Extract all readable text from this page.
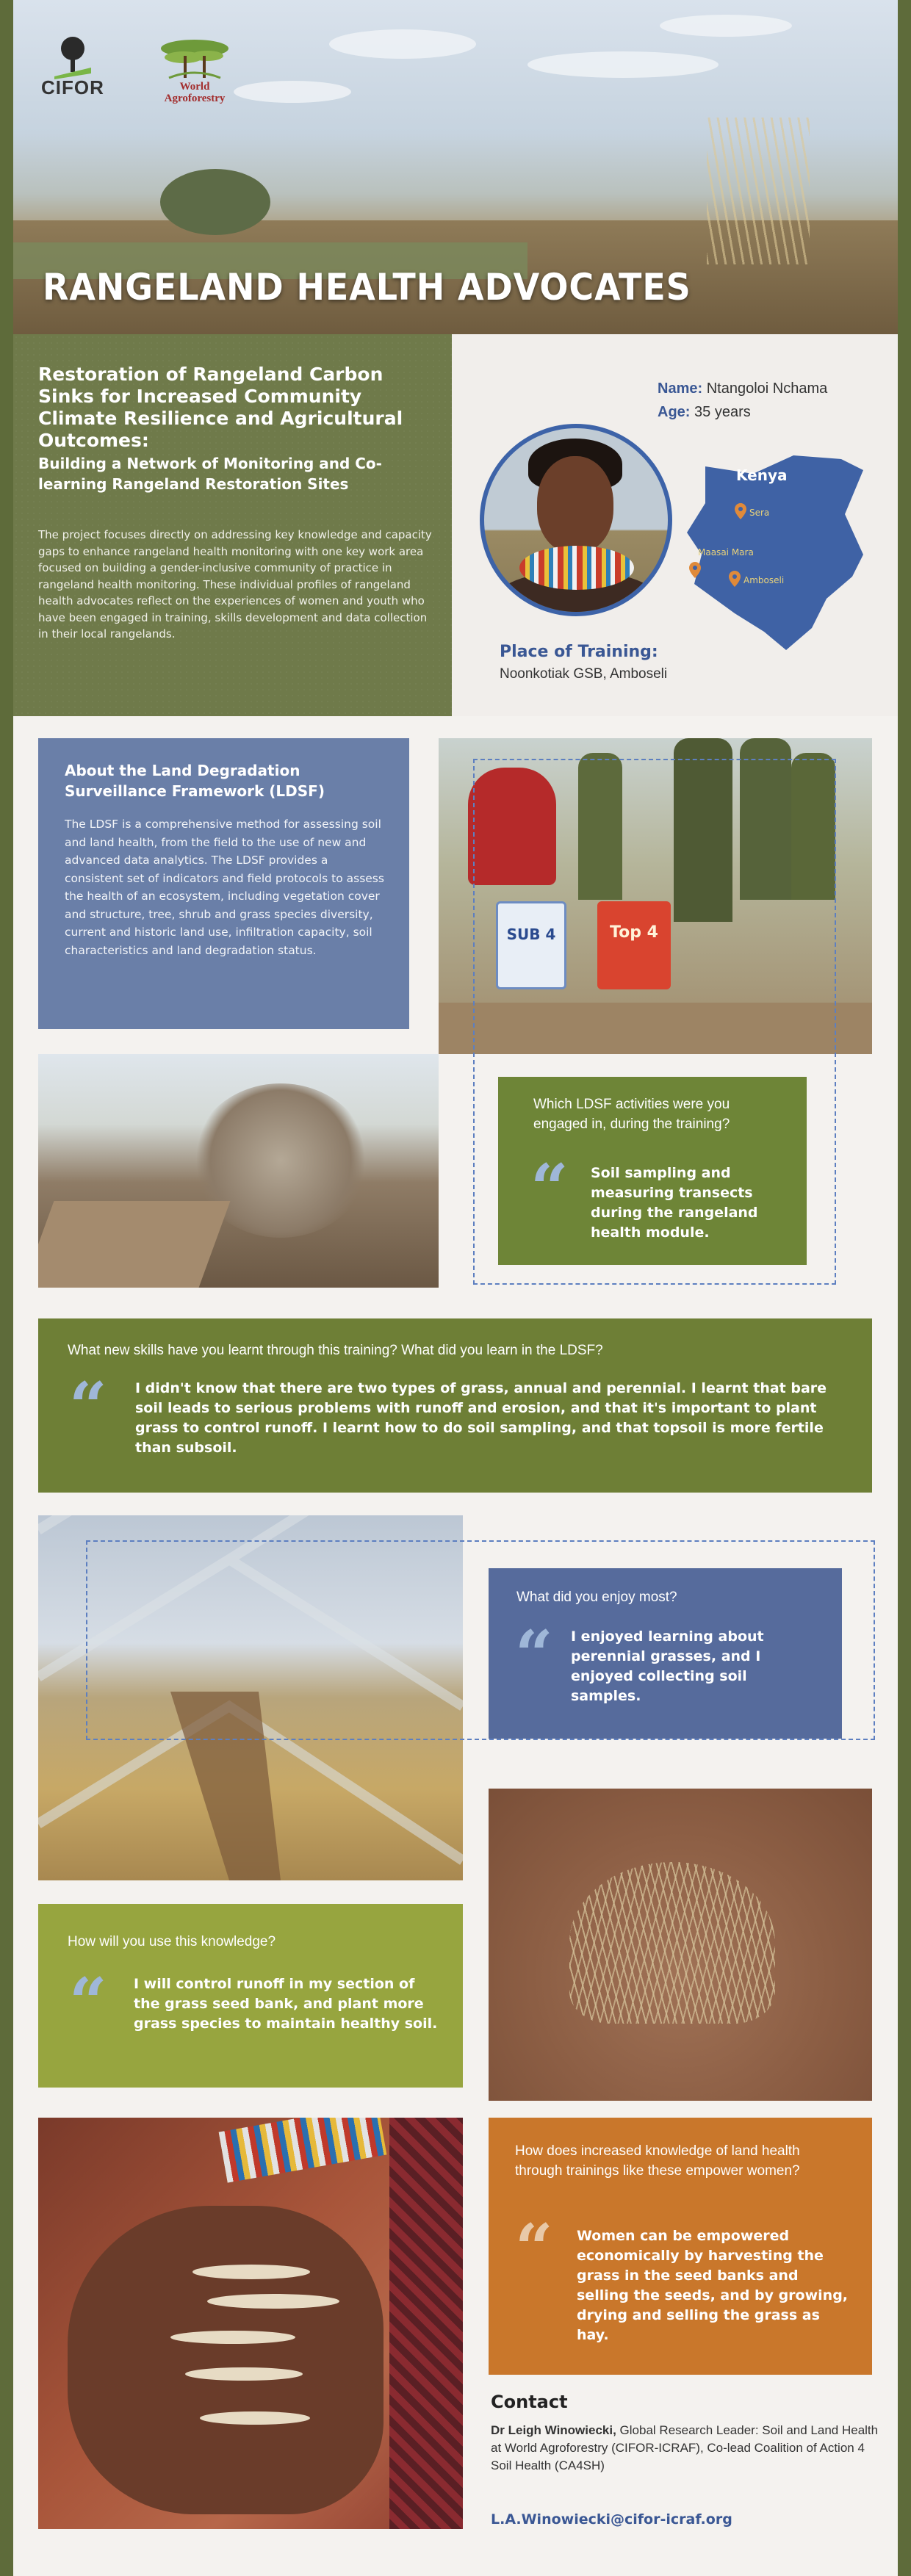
CIFOR	World
Agroforestry
RANGELAND HEALTH ADVOCATES
Restoration of Rangeland Carbon Sinks for Increased Community Climate Resilience and Agricultural Outcomes:
Building a Network of Monitoring and Co-learning Rangeland Restoration Sites
The project focuses directly on addressing key knowledge and capacity gaps to enhance rangeland health monitoring with one key work area focused on building a gender-inclusive community of practice in rangeland health monitoring. These individual profiles of rangeland health advocates reflect on the experiences of women and youth who have been engaged in training, skills development and data collection in their local rangelands.
Name: Ntangoloi Nchama
Age: 35 years
Kenya
Sera
Maasai Mara
Amboseli
Place of Training:
Noonkotiak GSB, Amboseli
About the Land Degradation Surveillance Framework (LDSF)
The LDSF is a comprehensive method for assessing soil and land health, from the field to the use of new and advanced data analytics. The LDSF provides a consistent set of indicators and field protocols to assess the health of an ecosystem, including vegetation cover and structure, tree, shrub and grass species diversity, current and historic land use, infiltration capacity, soil characteristics and land degradation status.
SUB 4	Top 4
Which LDSF activities were you engaged in, during the training?
“ Soil sampling and measuring transects during the rangeland health module.
What new skills have you learnt through this training? What did you learn in the LDSF?
“ I didn't know that there are two types of grass, annual and perennial. I learnt that bare soil leads to serious problems with runoff and erosion, and that it's important to plant grass to control runoff. I learnt how to do soil sampling, and that topsoil is more fertile than subsoil.
What did you enjoy most?
“ I enjoyed learning about perennial grasses, and I enjoyed collecting soil samples.
How will you use this knowledge?
“ I will control runoff in my section of the grass seed bank, and plant more grass species to maintain healthy soil.
How does increased knowledge of land health through trainings like these empower women?
“ Women can be empowered economically by harvesting the grass in the seed banks and selling the seeds, and by growing, drying and selling the grass as hay.
Contact
Dr Leigh Winowiecki, Global Research Leader: Soil and Land Health at World Agroforestry (CIFOR-ICRAF), Co-lead Coalition of Action 4 Soil Health (CA4SH)
L.A.Winowiecki@cifor-icraf.org
